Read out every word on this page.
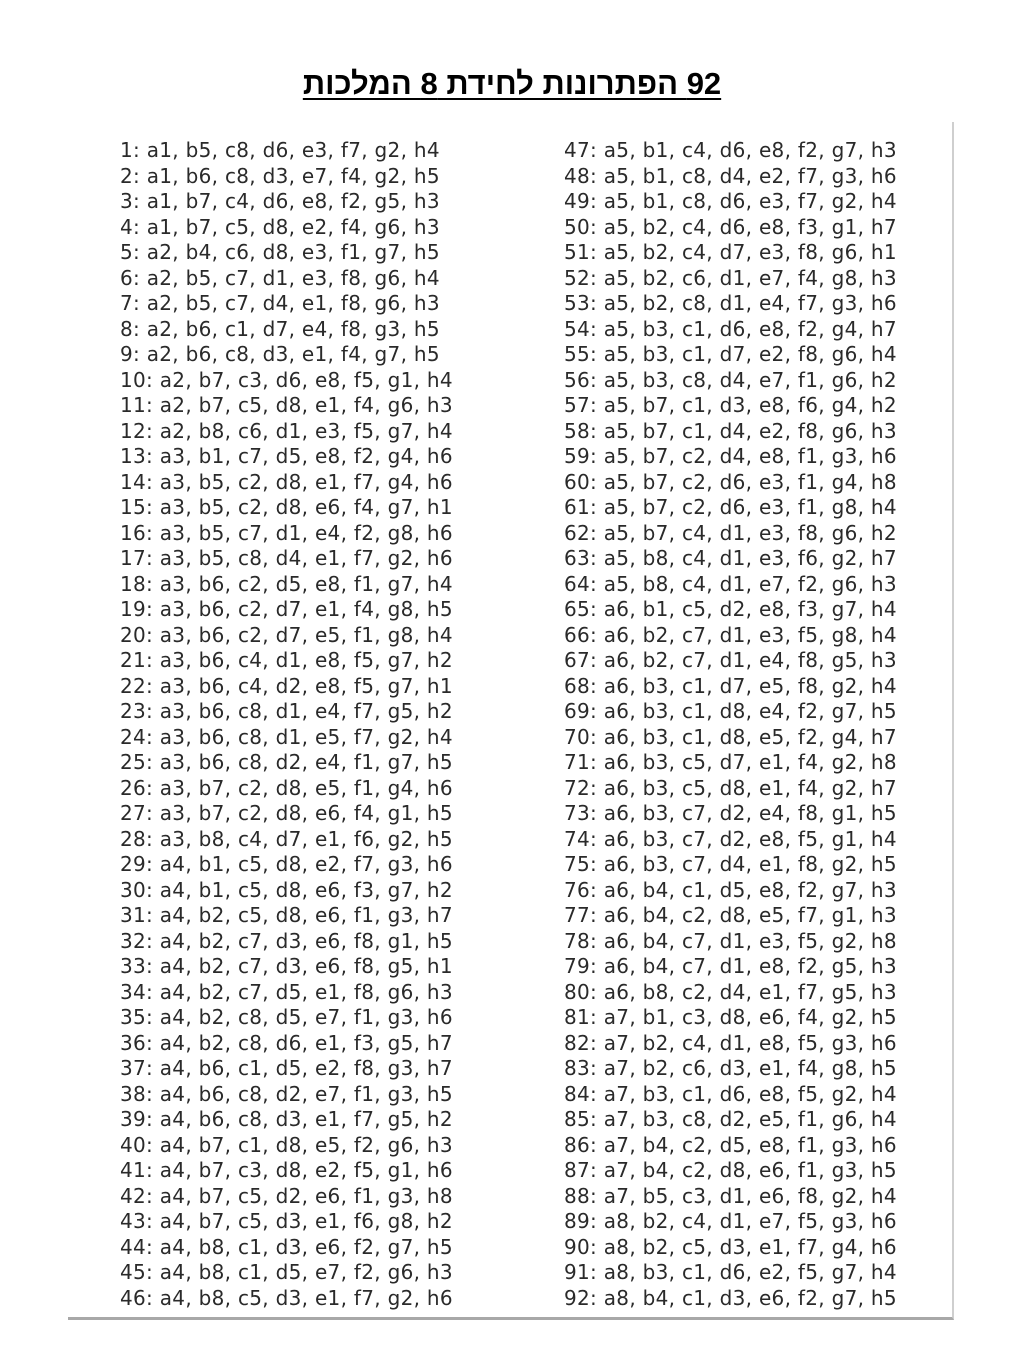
92 הפתרונות לחידת 8 המלכות
1: a1, b5, c8, d6, e3, f7, g2, h4
2: a1, b6, c8, d3, e7, f4, g2, h5
3: a1, b7, c4, d6, e8, f2, g5, h3
4: a1, b7, c5, d8, e2, f4, g6, h3
5: a2, b4, c6, d8, e3, f1, g7, h5
6: a2, b5, c7, d1, e3, f8, g6, h4
7: a2, b5, c7, d4, e1, f8, g6, h3
8: a2, b6, c1, d7, e4, f8, g3, h5
9: a2, b6, c8, d3, e1, f4, g7, h5
10: a2, b7, c3, d6, e8, f5, g1, h4
11: a2, b7, c5, d8, e1, f4, g6, h3
12: a2, b8, c6, d1, e3, f5, g7, h4
13: a3, b1, c7, d5, e8, f2, g4, h6
14: a3, b5, c2, d8, e1, f7, g4, h6
15: a3, b5, c2, d8, e6, f4, g7, h1
16: a3, b5, c7, d1, e4, f2, g8, h6
17: a3, b5, c8, d4, e1, f7, g2, h6
18: a3, b6, c2, d5, e8, f1, g7, h4
19: a3, b6, c2, d7, e1, f4, g8, h5
20: a3, b6, c2, d7, e5, f1, g8, h4
21: a3, b6, c4, d1, e8, f5, g7, h2
22: a3, b6, c4, d2, e8, f5, g7, h1
23: a3, b6, c8, d1, e4, f7, g5, h2
24: a3, b6, c8, d1, e5, f7, g2, h4
25: a3, b6, c8, d2, e4, f1, g7, h5
26: a3, b7, c2, d8, e5, f1, g4, h6
27: a3, b7, c2, d8, e6, f4, g1, h5
28: a3, b8, c4, d7, e1, f6, g2, h5
29: a4, b1, c5, d8, e2, f7, g3, h6
30: a4, b1, c5, d8, e6, f3, g7, h2
31: a4, b2, c5, d8, e6, f1, g3, h7
32: a4, b2, c7, d3, e6, f8, g1, h5
33: a4, b2, c7, d3, e6, f8, g5, h1
34: a4, b2, c7, d5, e1, f8, g6, h3
35: a4, b2, c8, d5, e7, f1, g3, h6
36: a4, b2, c8, d6, e1, f3, g5, h7
37: a4, b6, c1, d5, e2, f8, g3, h7
38: a4, b6, c8, d2, e7, f1, g3, h5
39: a4, b6, c8, d3, e1, f7, g5, h2
40: a4, b7, c1, d8, e5, f2, g6, h3
41: a4, b7, c3, d8, e2, f5, g1, h6
42: a4, b7, c5, d2, e6, f1, g3, h8
43: a4, b7, c5, d3, e1, f6, g8, h2
44: a4, b8, c1, d3, e6, f2, g7, h5
45: a4, b8, c1, d5, e7, f2, g6, h3
46: a4, b8, c5, d3, e1, f7, g2, h6
47: a5, b1, c4, d6, e8, f2, g7, h3
48: a5, b1, c8, d4, e2, f7, g3, h6
49: a5, b1, c8, d6, e3, f7, g2, h4
50: a5, b2, c4, d6, e8, f3, g1, h7
51: a5, b2, c4, d7, e3, f8, g6, h1
52: a5, b2, c6, d1, e7, f4, g8, h3
53: a5, b2, c8, d1, e4, f7, g3, h6
54: a5, b3, c1, d6, e8, f2, g4, h7
55: a5, b3, c1, d7, e2, f8, g6, h4
56: a5, b3, c8, d4, e7, f1, g6, h2
57: a5, b7, c1, d3, e8, f6, g4, h2
58: a5, b7, c1, d4, e2, f8, g6, h3
59: a5, b7, c2, d4, e8, f1, g3, h6
60: a5, b7, c2, d6, e3, f1, g4, h8
61: a5, b7, c2, d6, e3, f1, g8, h4
62: a5, b7, c4, d1, e3, f8, g6, h2
63: a5, b8, c4, d1, e3, f6, g2, h7
64: a5, b8, c4, d1, e7, f2, g6, h3
65: a6, b1, c5, d2, e8, f3, g7, h4
66: a6, b2, c7, d1, e3, f5, g8, h4
67: a6, b2, c7, d1, e4, f8, g5, h3
68: a6, b3, c1, d7, e5, f8, g2, h4
69: a6, b3, c1, d8, e4, f2, g7, h5
70: a6, b3, c1, d8, e5, f2, g4, h7
71: a6, b3, c5, d7, e1, f4, g2, h8
72: a6, b3, c5, d8, e1, f4, g2, h7
73: a6, b3, c7, d2, e4, f8, g1, h5
74: a6, b3, c7, d2, e8, f5, g1, h4
75: a6, b3, c7, d4, e1, f8, g2, h5
76: a6, b4, c1, d5, e8, f2, g7, h3
77: a6, b4, c2, d8, e5, f7, g1, h3
78: a6, b4, c7, d1, e3, f5, g2, h8
79: a6, b4, c7, d1, e8, f2, g5, h3
80: a6, b8, c2, d4, e1, f7, g5, h3
81: a7, b1, c3, d8, e6, f4, g2, h5
82: a7, b2, c4, d1, e8, f5, g3, h6
83: a7, b2, c6, d3, e1, f4, g8, h5
84: a7, b3, c1, d6, e8, f5, g2, h4
85: a7, b3, c8, d2, e5, f1, g6, h4
86: a7, b4, c2, d5, e8, f1, g3, h6
87: a7, b4, c2, d8, e6, f1, g3, h5
88: a7, b5, c3, d1, e6, f8, g2, h4
89: a8, b2, c4, d1, e7, f5, g3, h6
90: a8, b2, c5, d3, e1, f7, g4, h6
91: a8, b3, c1, d6, e2, f5, g7, h4
92: a8, b4, c1, d3, e6, f2, g7, h5
